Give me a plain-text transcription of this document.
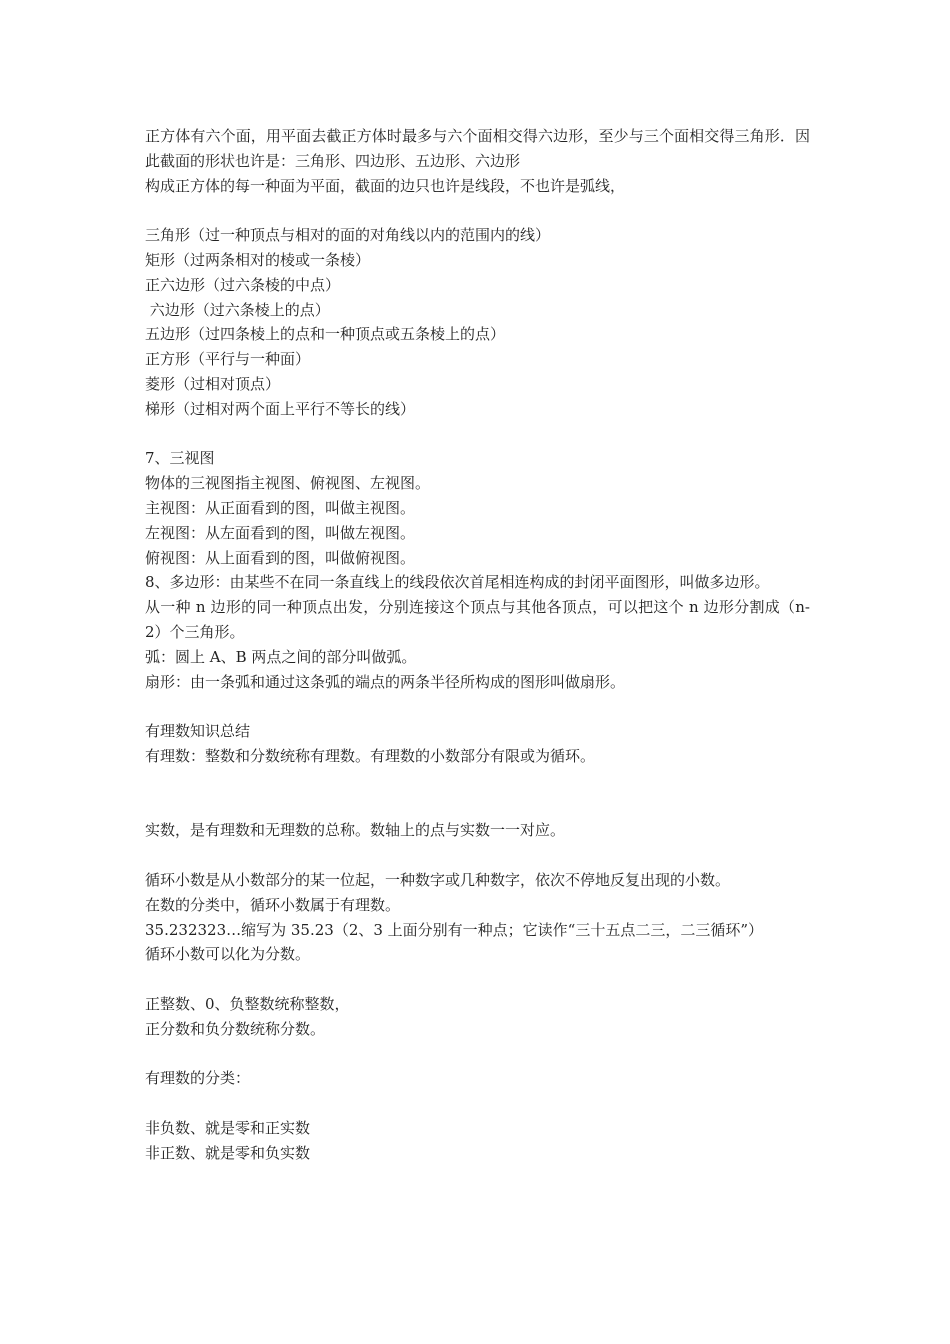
正方体有六个面，用平面去截正方体时最多与六个面相交得六边形，至少与三个面相交得三角形．因此截面的形状也许是：三角形、四边形、五边形、六边形
构成正方体的每一种面为平面，截面的边只也许是线段，不也许是弧线，
三角形（过一种顶点与相对的面的对角线以内的范围内的线）
矩形（过两条相对的棱或一条棱）
正六边形（过六条棱的中点）
六边形（过六条棱上的点）
五边形（过四条棱上的点和一种顶点或五条棱上的点）
正方形（平行与一种面）
菱形（过相对顶点）
梯形（过相对两个面上平行不等长的线）
7、三视图
物体的三视图指主视图、俯视图、左视图。
主视图：从正面看到的图，叫做主视图。
左视图：从左面看到的图，叫做左视图。
俯视图：从上面看到的图，叫做俯视图。
8、多边形：由某些不在同一条直线上的线段依次首尾相连构成的封闭平面图形，叫做多边形。
从一种 n 边形的同一种顶点出发，分别连接这个顶点与其他各顶点，可以把这个 n 边形分割成（n-2）个三角形。
弧：圆上 A、B 两点之间的部分叫做弧。
扇形：由一条弧和通过这条弧的端点的两条半径所构成的图形叫做扇形。
有理数知识总结
有理数：整数和分数统称有理数。有理数的小数部分有限或为循环。
实数，是有理数和无理数的总称。数轴上的点与实数一一对应。
循环小数是从小数部分的某一位起，一种数字或几种数字，依次不停地反复出现的小数。
在数的分类中，循环小数属于有理数。
35.232323…缩写为 35.23（2、3 上面分别有一种点；它读作“三十五点二三，二三循环”）
循环小数可以化为分数。
正整数、0、负整数统称整数，
正分数和负分数统称分数。
有理数的分类：
非负数、就是零和正实数
非正数、就是零和负实数
